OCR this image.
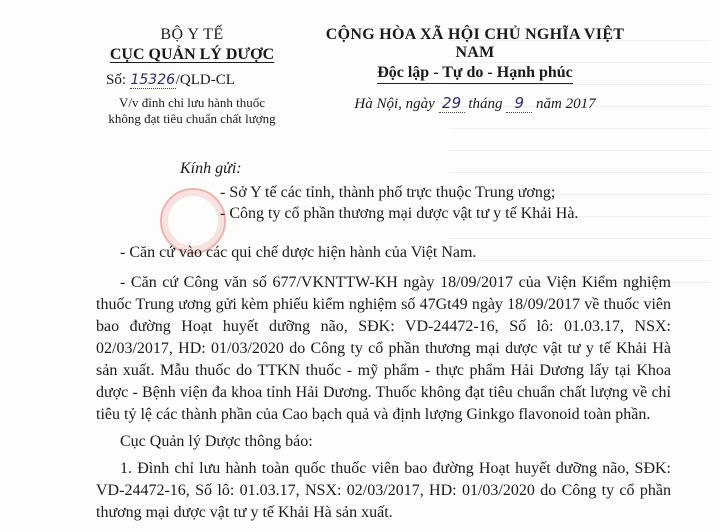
BỘ Y TẾ
CỤC QUẢN LÝ DƯỢC
Số: 15326/QLD-CL
V/v đình chỉ lưu hành thuốc
không đạt tiêu chuẩn chất lượng
CỘNG HÒA XÃ HỘI CHỦ NGHĨA VIỆT NAM
Độc lập - Tự do - Hạnh phúc
Hà Nội, ngày 29 tháng 9 năm 2017
Kính gửi:
- Sở Y tế các tỉnh, thành phố trực thuộc Trung ương;
- Công ty cổ phần thương mại dược vật tư y tế Khải Hà.

- Căn cứ vào các qui chế dược hiện hành của Việt Nam.

- Căn cứ Công văn số 677/VKNTTW-KH ngày 18/09/2017 của Viện Kiểm nghiệm thuốc Trung ương gửi kèm phiếu kiểm nghiệm số 47Gt49 ngày 18/09/2017 về thuốc viên bao đường Hoạt huyết dưỡng não, SĐK: VD-24472-16, Số lô: 01.03.17, NSX: 02/03/2017, HD: 01/03/2020 do Công ty cổ phần thương mại dược vật tư y tế Khải Hà sản xuất. Mẫu thuốc do TTKN thuốc - mỹ phẩm - thực phẩm Hải Dương lấy tại Khoa dược - Bệnh viện đa khoa tỉnh Hải Dương. Thuốc không đạt tiêu chuẩn chất lượng về chỉ tiêu tỷ lệ các thành phần của Cao bạch quả và định lượng Ginkgo flavonoid toàn phần.

Cục Quản lý Dược thông báo:

1. Đình chỉ lưu hành toàn quốc thuốc viên bao đường Hoạt huyết dưỡng não, SĐK: VD-24472-16, Số lô: 01.03.17, NSX: 02/03/2017, HD: 01/03/2020 do Công ty cổ phần thương mại dược vật tư y tế Khải Hà sản xuất.
